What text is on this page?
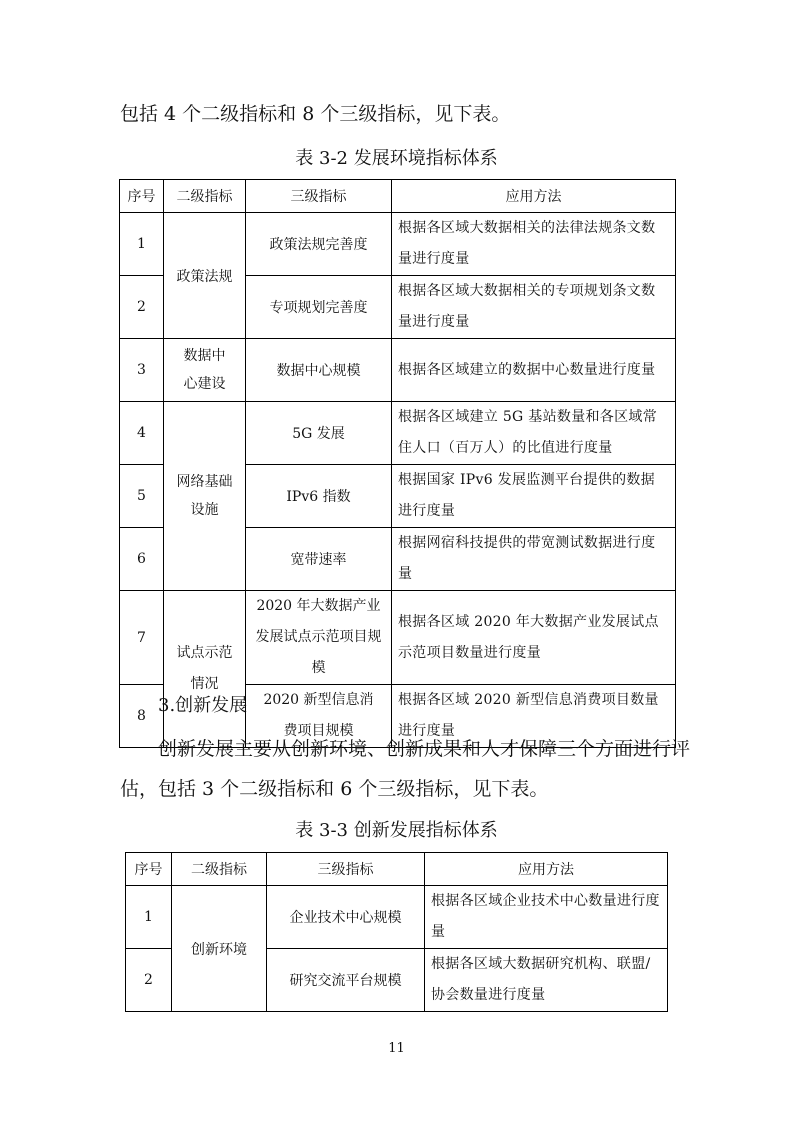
包括 4 个二级指标和 8 个三级指标，见下表。

表 3-2 发展环境指标体系

序号	二级指标	三级指标	应用方法
1	政策法规	政策法规完善度	根据各区域大数据相关的法律法规条文数量进行度量
2		专项规划完善度	根据各区域大数据相关的专项规划条文数量进行度量
3	数据中心建设	数据中心规模	根据各区域建立的数据中心数量进行度量
4	网络基础设施	5G 发展	根据各区域建立 5G 基站数量和各区域常住人口（百万人）的比值进行度量
5		IPv6 指数	根据国家 IPv6 发展监测平台提供的数据进行度量
6		宽带速率	根据网宿科技提供的带宽测试数据进行度量
7	试点示范情况	2020 年大数据产业发展试点示范项目规模	根据各区域 2020 年大数据产业发展试点示范项目数量进行度量
8		2020 新型信息消费项目规模	根据各区域 2020 新型信息消费项目数量进行度量

3.创新发展

创新发展主要从创新环境、创新成果和人才保障三个方面进行评

估，包括 3 个二级指标和 6 个三级指标，见下表。

表 3-3 创新发展指标体系

序号	二级指标	三级指标	应用方法
1	创新环境	企业技术中心规模	根据各区域企业技术中心数量进行度量
2		研究交流平台规模	根据各区域大数据研究机构、联盟/协会数量进行度量
11
